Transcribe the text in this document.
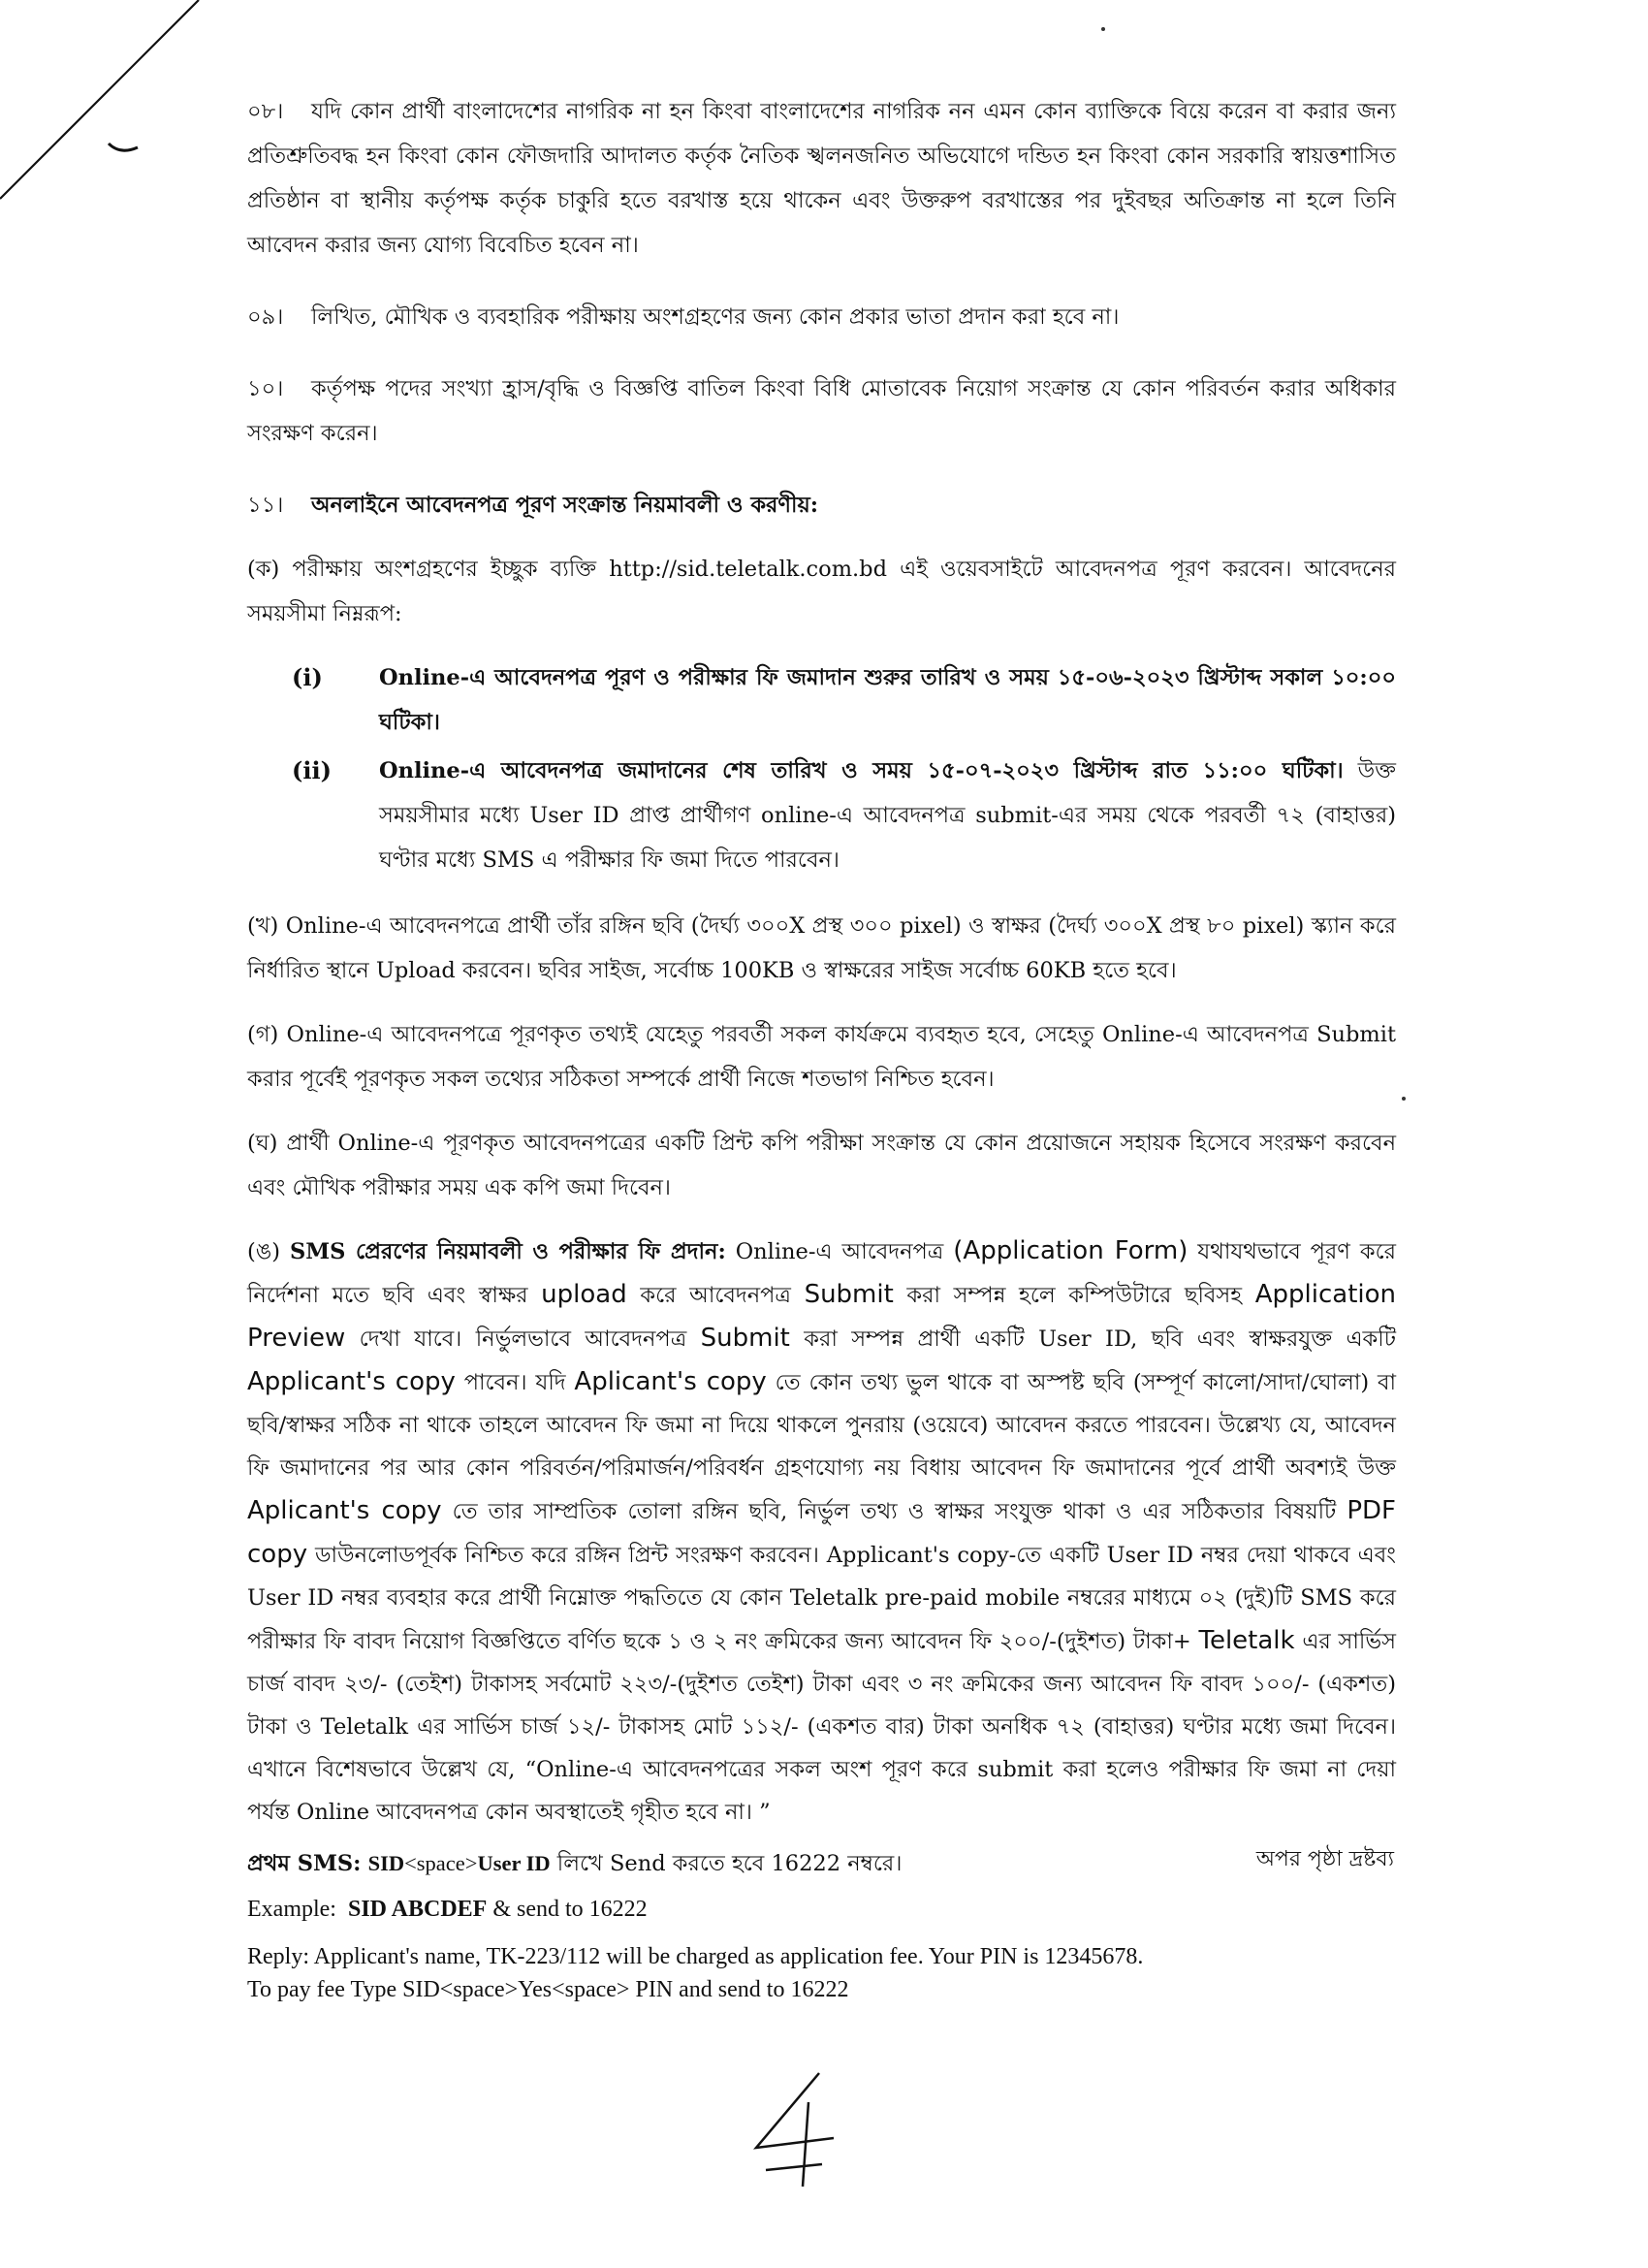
০৮। যদি কোন প্রার্থী বাংলাদেশের নাগরিক না হন কিংবা বাংলাদেশের নাগরিক নন এমন কোন ব্যাক্তিকে বিয়ে করেন বা করার জন্য প্রতিশ্রুতিবদ্ধ হন কিংবা কোন ফৌজদারি আদালত কর্তৃক নৈতিক স্খলনজনিত অভিযোগে দন্ডিত হন কিংবা কোন সরকারি স্বায়ত্তশাসিত প্রতিষ্ঠান বা স্থানীয় কর্তৃপক্ষ কর্তৃক চাকুরি হতে বরখাস্ত হয়ে থাকেন এবং উক্তরুপ বরখাস্তের পর দুইবছর অতিক্রান্ত না হলে তিনি আবেদন করার জন্য যোগ্য বিবেচিত হবেন না।

০৯। লিখিত, মৌখিক ও ব্যবহারিক পরীক্ষায় অংশগ্রহণের জন্য কোন প্রকার ভাতা প্রদান করা হবে না।

১০। কর্তৃপক্ষ পদের সংখ্যা হ্রাস/বৃদ্ধি ও বিজ্ঞপ্তি বাতিল কিংবা বিধি মোতাবেক নিয়োগ সংক্রান্ত যে কোন পরিবর্তন করার অধিকার সংরক্ষণ করেন।

১১। অনলাইনে আবেদনপত্র পূরণ সংক্রান্ত নিয়মাবলী ও করণীয়:

(ক) পরীক্ষায় অংশগ্রহণের ইচ্ছুক ব্যক্তি http://sid.teletalk.com.bd এই ওয়েবসাইটে আবেদনপত্র পূরণ করবেন। আবেদনের সময়সীমা নিম্নরূপ:

(i)	Online-এ আবেদনপত্র পূরণ ও পরীক্ষার ফি জমাদান শুরুর তারিখ ও সময় ১৫-০৬-২০২৩ খ্রিস্টাব্দ সকাল ১০:০০ ঘটিকা।
(ii)	Online-এ আবেদনপত্র জমাদানের শেষ তারিখ ও সময় ১৫-০৭-২০২৩ খ্রিস্টাব্দ রাত ১১:০০ ঘটিকা। উক্ত সময়সীমার মধ্যে User ID প্রাপ্ত প্রার্থীগণ online-এ আবেদনপত্র submit-এর সময় থেকে পরবর্তী ৭২ (বাহাত্তর) ঘণ্টার মধ্যে SMS এ পরীক্ষার ফি জমা দিতে পারবেন।

(খ) Online-এ আবেদনপত্রে প্রার্থী তাঁর রঙ্গিন ছবি (দৈর্ঘ্য ৩০০X প্রস্থ ৩০০ pixel) ও স্বাক্ষর (দৈর্ঘ্য ৩০০X প্রস্থ ৮০ pixel) স্ক্যান করে নির্ধারিত স্থানে Upload করবেন। ছবির সাইজ, সর্বোচ্চ 100KB ও স্বাক্ষরের সাইজ সর্বোচ্চ 60KB হতে হবে।

(গ) Online-এ আবেদনপত্রে পূরণকৃত তথ্যই যেহেতু পরবর্তী সকল কার্যক্রমে ব্যবহৃত হবে, সেহেতু Online-এ আবেদনপত্র Submit করার পূর্বেই পূরণকৃত সকল তথ্যের সঠিকতা সম্পর্কে প্রার্থী নিজে শতভাগ নিশ্চিত হবেন।

(ঘ) প্রার্থী Online-এ পূরণকৃত আবেদনপত্রের একটি প্রিন্ট কপি পরীক্ষা সংক্রান্ত যে কোন প্রয়োজনে সহায়ক হিসেবে সংরক্ষণ করবেন এবং মৌখিক পরীক্ষার সময় এক কপি জমা দিবেন।

(ঙ) SMS প্রেরণের নিয়মাবলী ও পরীক্ষার ফি প্রদান: Online-এ আবেদনপত্র (Application Form) যথাযথভাবে পূরণ করে নির্দেশনা মতে ছবি এবং স্বাক্ষর upload করে আবেদনপত্র Submit করা সম্পন্ন হলে কম্পিউটারে ছবিসহ Application Preview দেখা যাবে। নির্ভুলভাবে আবেদনপত্র Submit করা সম্পন্ন প্রার্থী একটি User ID, ছবি এবং স্বাক্ষরযুক্ত একটি Applicant's copy পাবেন। যদি Aplicant's copy তে কোন তথ্য ভুল থাকে বা অস্পষ্ট ছবি (সম্পূর্ণ কালো/সাদা/ঘোলা) বা ছবি/স্বাক্ষর সঠিক না থাকে তাহলে আবেদন ফি জমা না দিয়ে থাকলে পুনরায় (ওয়েবে) আবেদন করতে পারবেন। উল্লেখ্য যে, আবেদন ফি জমাদানের পর আর কোন পরিবর্তন/পরিমার্জন/পরিবর্ধন গ্রহণযোগ্য নয় বিধায় আবেদন ফি জমাদানের পূর্বে প্রার্থী অবশ্যই উক্ত Aplicant's copy তে তার সাম্প্রতিক তোলা রঙ্গিন ছবি, নির্ভুল তথ্য ও স্বাক্ষর সংযুক্ত থাকা ও এর সঠিকতার বিষয়টি PDF copy ডাউনলোডপূর্বক নিশ্চিত করে রঙ্গিন প্রিন্ট সংরক্ষণ করবেন। Applicant's copy-তে একটি User ID নম্বর দেয়া থাকবে এবং User ID নম্বর ব্যবহার করে প্রার্থী নিম্নোক্ত পদ্ধতিতে যে কোন Teletalk pre-paid mobile নম্বরের মাধ্যমে ০২ (দুই)টি SMS করে পরীক্ষার ফি বাবদ নিয়োগ বিজ্ঞপ্তিতে বর্ণিত ছকে ১ ও ২ নং ক্রমিকের জন্য আবেদন ফি ২০০/-(দুইশত) টাকা+ Teletalk এর সার্ভিস চার্জ বাবদ ২৩/- (তেইশ) টাকাসহ সর্বমোট ২২৩/-(দুইশত তেইশ) টাকা এবং ৩ নং ক্রমিকের জন্য আবেদন ফি বাবদ ১০০/- (একশত) টাকা ও Teletalk এর সার্ভিস চার্জ ১২/- টাকাসহ মোট ১১২/- (একশত বার) টাকা অনধিক ৭২ (বাহাত্তর) ঘণ্টার মধ্যে জমা দিবেন। এখানে বিশেষভাবে উল্লেখ যে, “Online-এ আবেদনপত্রের সকল অংশ পূরণ করে submit করা হলেও পরীক্ষার ফি জমা না দেয়া পর্যন্ত Online আবেদনপত্র কোন অবস্থাতেই গৃহীত হবে না। ”

প্রথম SMS: SID<space>User ID লিখে Send করতে হবে 16222 নম্বরে।

Example:  SID ABCDEF & send to 16222

Reply: Applicant's name, TK-223/112 will be charged as application fee. Your PIN is 12345678.
To pay fee Type SID<space>Yes<space> PIN and send to 16222

অপর পৃষ্ঠা দ্রষ্টব্য
